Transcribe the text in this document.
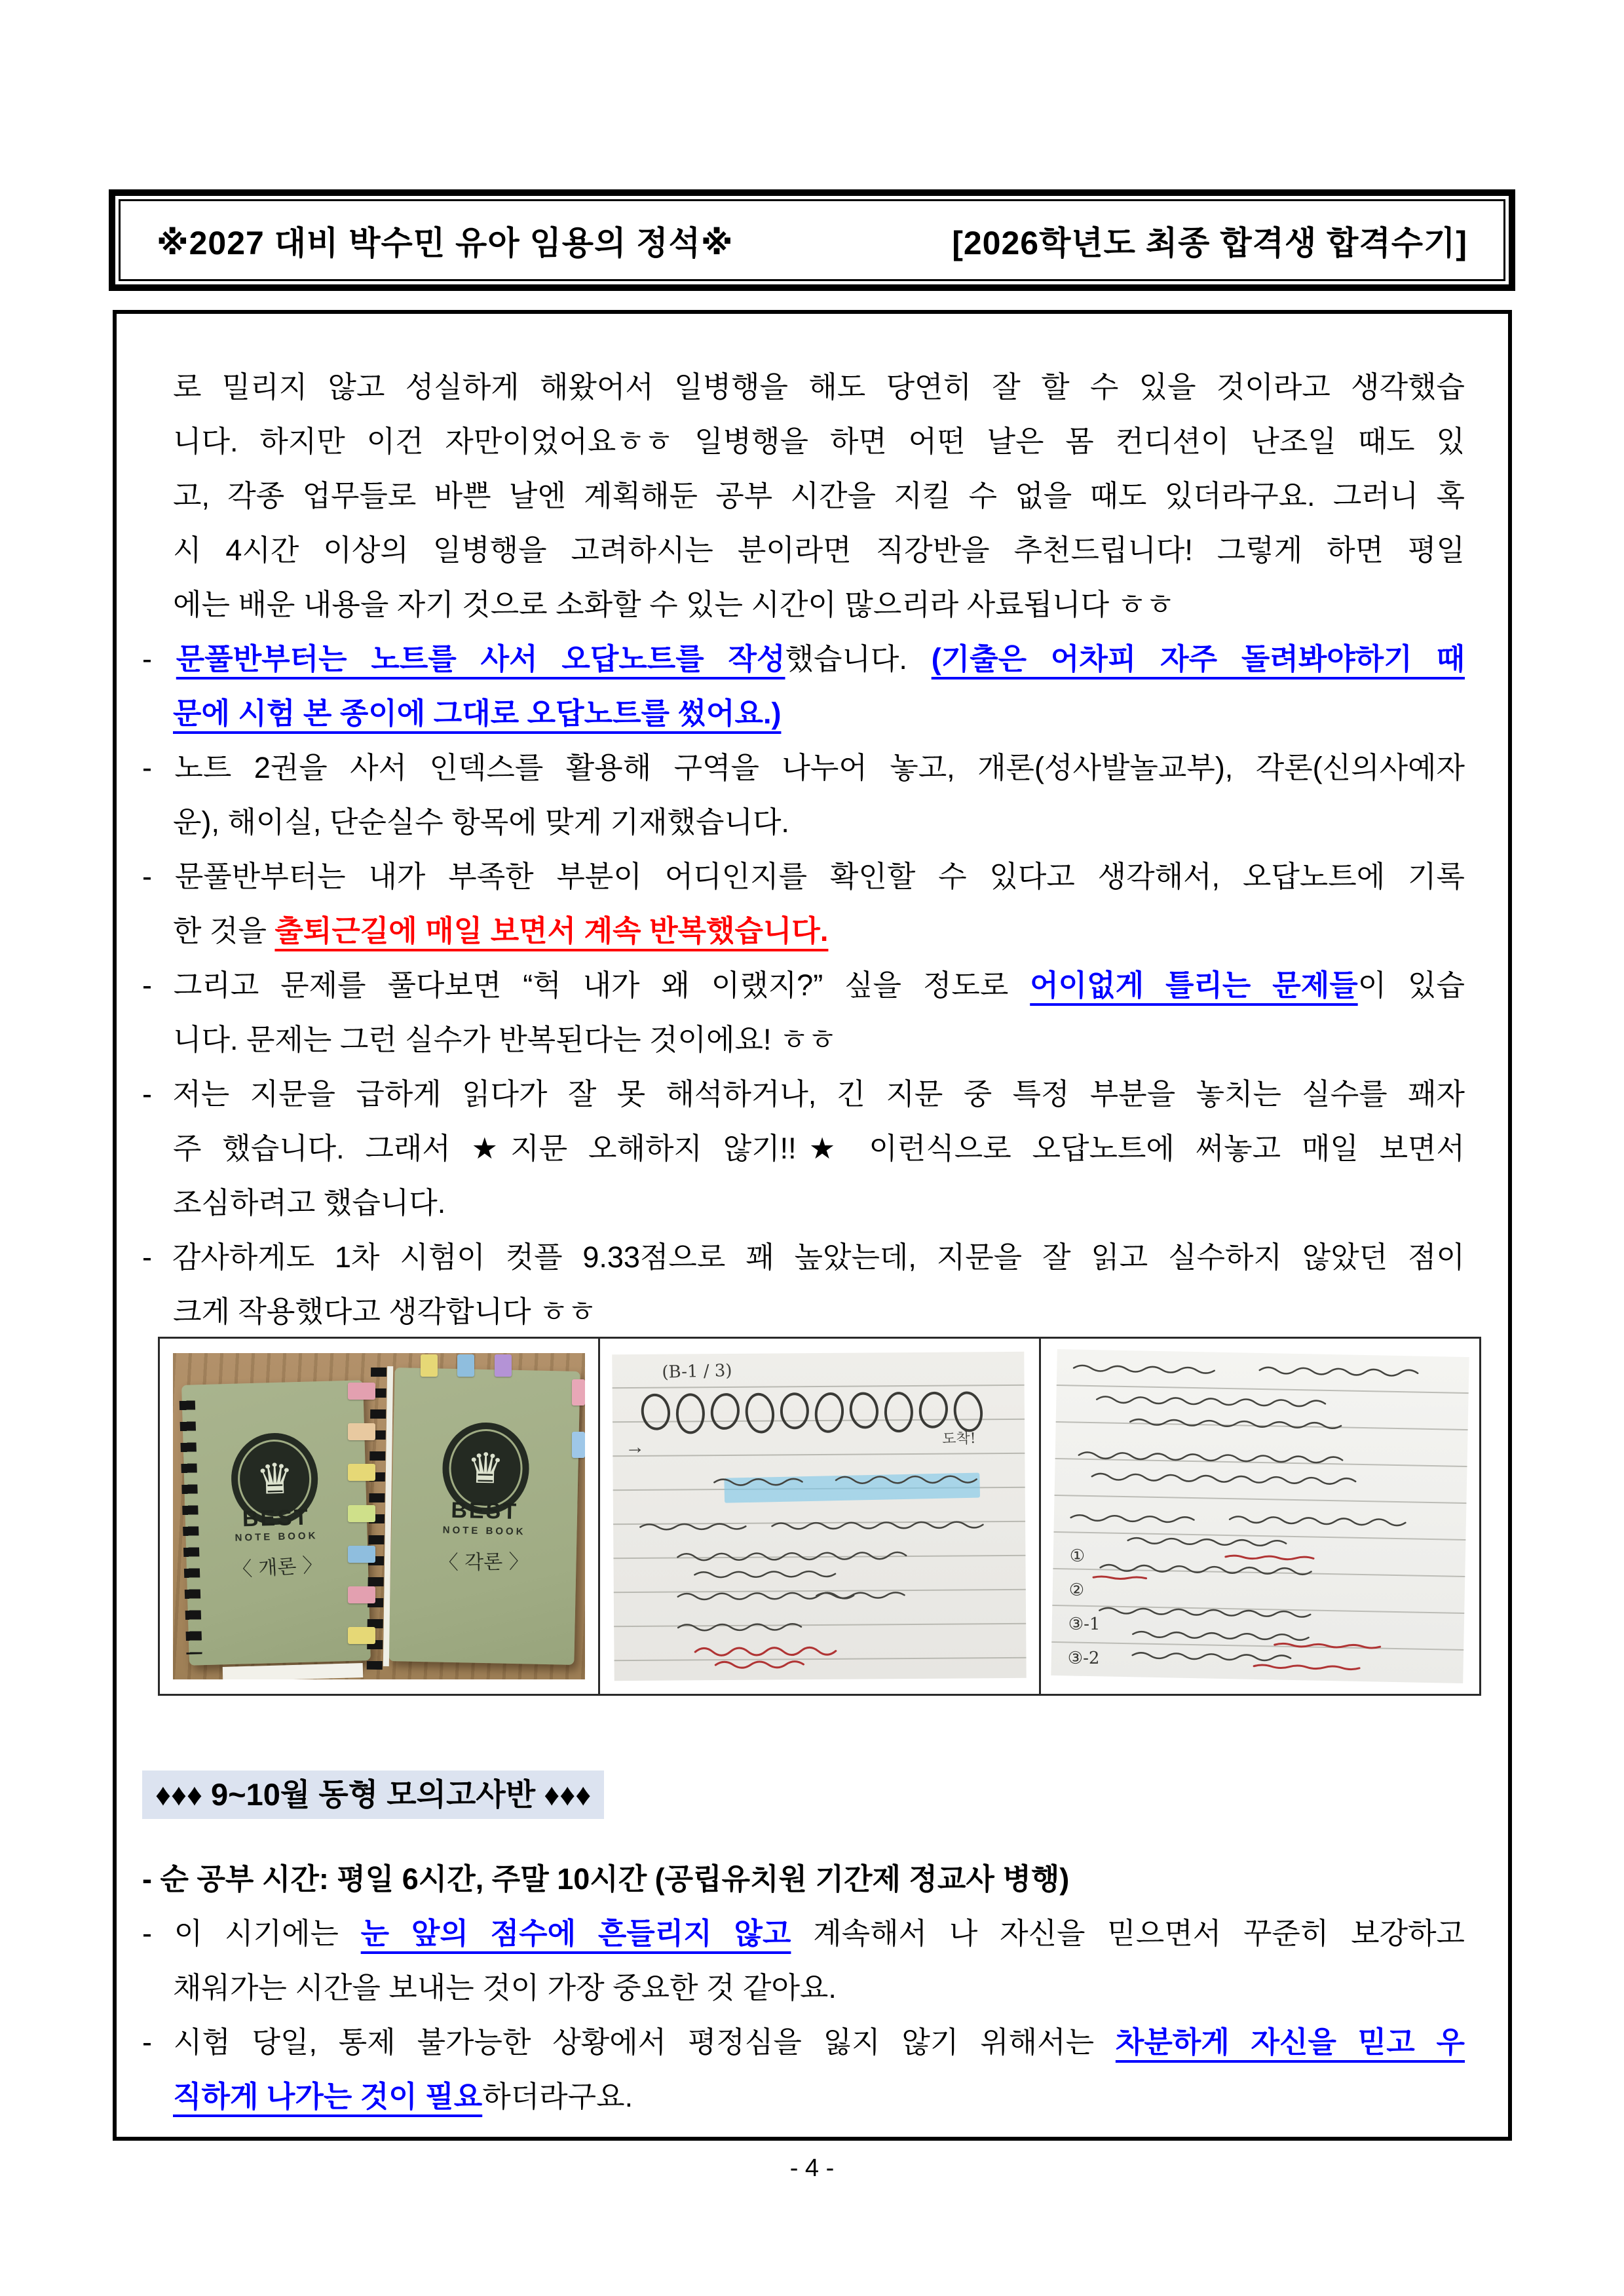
※2027 대비 박수민 유아 임용의 정석※	[2026학년도 최종 합격생 합격수기]
로 밀리지 않고 성실하게 해왔어서 일병행을 해도 당연히 잘 할 수 있을 것이라고 생각했습
니다. 하지만 이건 자만이었어요ㅎㅎ 일병행을 하면 어떤 날은 몸 컨디션이 난조일 때도 있
고, 각종 업무들로 바쁜 날엔 계획해둔 공부 시간을 지킬 수 없을 때도 있더라구요. 그러니 혹
시 4시간 이상의 일병행을 고려하시는 분이라면 직강반을 추천드립니다! 그렇게 하면 평일
에는 배운 내용을 자기 것으로 소화할 수 있는 시간이 많으리라 사료됩니다 ㅎㅎ
- 문풀반부터는 노트를 사서 오답노트를 작성했습니다. (기출은 어차피 자주 돌려봐야하기 때
문에 시험 본 종이에 그대로 오답노트를 썼어요.)
- 노트 2권을 사서 인덱스를 활용해 구역을 나누어 놓고, 개론(성사발놀교부), 각론(신의사예자
운), 해이실, 단순실수 항목에 맞게 기재했습니다.
- 문풀반부터는 내가 부족한 부분이 어디인지를 확인할 수 있다고 생각해서, 오답노트에 기록
한 것을 출퇴근길에 매일 보면서 계속 반복했습니다.
- 그리고 문제를 풀다보면 “헉 내가 왜 이랬지?” 싶을 정도로 어이없게 틀리는 문제들이 있습
니다. 문제는 그런 실수가 반복된다는 것이에요! ㅎㅎ
- 저는 지문을 급하게 읽다가 잘 못 해석하거나, 긴 지문 중 특정 부분을 놓치는 실수를 꽤자
주 했습니다. 그래서 ★지문 오해하지 않기!!★ 이런식으로 오답노트에 써놓고 매일 보면서
조심하려고 했습니다.
- 감사하게도 1차 시험이 컷플 9.33점으로 꽤 높았는데, 지문을 잘 읽고 실수하지 않았던 점이
크게 작용했다고 생각합니다 ㅎㅎ
♛
BEST
NOTE BOOK
〈 개론 〉
♛
BEST
NOTE BOOK
〈 각론 〉
(B-1 / 3)
→	도착!
①
②
③-1
③-2
♦♦♦ 9~10월 동형 모의고사반 ♦♦♦
- 순 공부 시간: 평일 6시간, 주말 10시간 (공립유치원 기간제 정교사 병행)
- 이 시기에는 눈 앞의 점수에 흔들리지 않고 계속해서 나 자신을 믿으면서 꾸준히 보강하고
채워가는 시간을 보내는 것이 가장 중요한 것 같아요.
- 시험 당일, 통제 불가능한 상황에서 평정심을 잃지 않기 위해서는 차분하게 자신을 믿고 우
직하게 나가는 것이 필요하더라구요.
- 4 -
